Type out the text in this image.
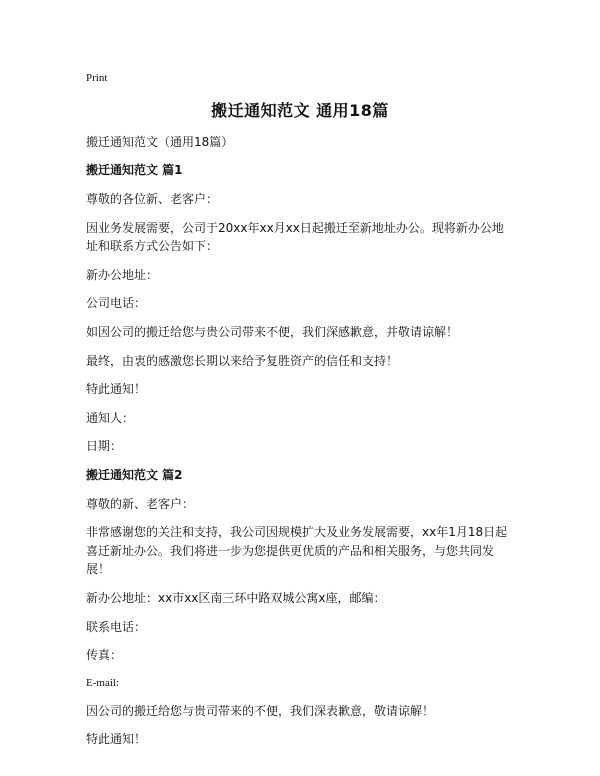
Print
搬迁通知范文 通用18篇

搬迁通知范文（通用18篇）

搬迁通知范文 篇1

尊敬的各位新、老客户：

因业务发展需要，公司于20xx年xx月xx日起搬迁至新地址办公。现将新办公地址和联系方式公告如下：

新办公地址：

公司电话：

如因公司的搬迁给您与贵公司带来不便，我们深感歉意，并敬请谅解！

最终，由衷的感激您长期以来给予复胜资产的信任和支持！

特此通知！

通知人：

日期：

搬迁通知范文 篇2

尊敬的新、老客户：

非常感谢您的关注和支持，我公司因规模扩大及业务发展需要，xx年1月18日起喜迁新址办公。我们将进一步为您提供更优质的产品和相关服务，与您共同发展！

新办公地址：xx市xx区南三环中路双城公寓x座，邮编：

联系电话：

传真：

E-mail:

因公司的搬迁给您与贵司带来的不便，我们深表歉意，敬请谅解！

特此通知！
